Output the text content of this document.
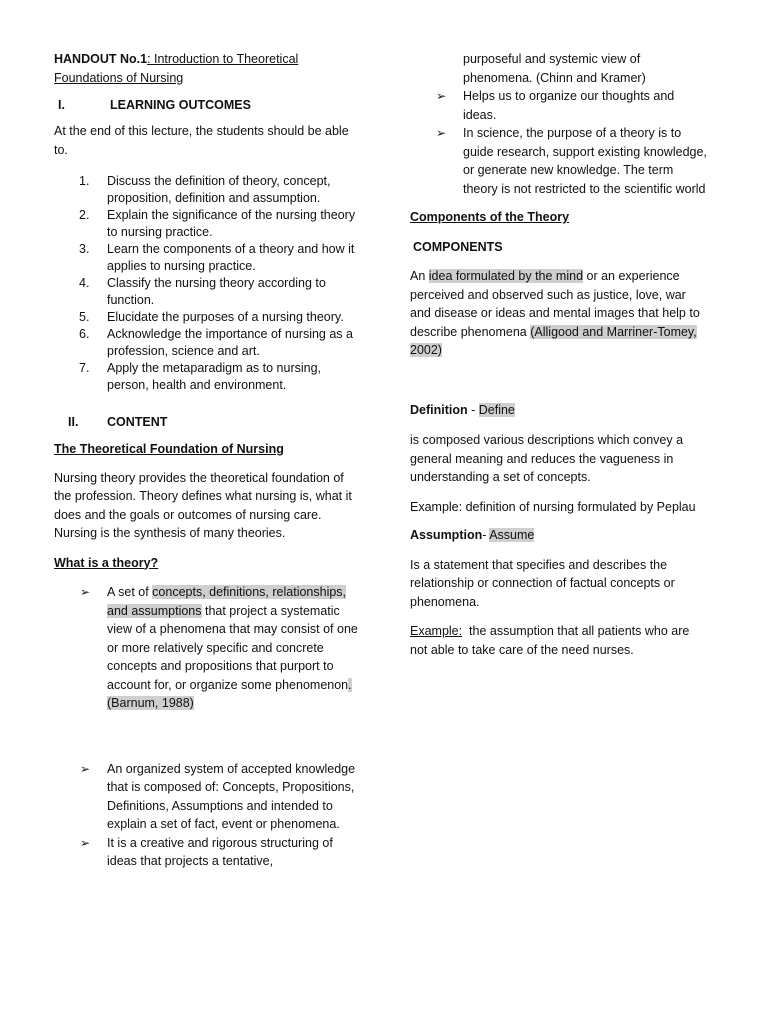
HANDOUT No.1: Introduction to Theoretical Foundations of Nursing

I.	LEARNING OUTCOMES

At the end of this lecture, the students should be able to.

1.	Discuss the definition of theory, concept, proposition, definition and assumption.
2.	Explain the significance of the nursing theory to nursing practice.
3.	Learn the components of a theory and how it applies to nursing practice.
4.	Classify the nursing theory according to function.
5.	Elucidate the purposes of a nursing theory.
6.	Acknowledge the importance of nursing as a profession, science and art.
7.	Apply the metaparadigm as to nursing, person, health and environment.
II.	CONTENT

The Theoretical Foundation of Nursing

Nursing theory provides the theoretical foundation of the profession. Theory defines what nursing is, what it does and the goals or outcomes of nursing care. Nursing is the synthesis of many theories.

What is a theory?

➢	A set of concepts, definitions, relationships, and assumptions that project a systematic view of a phenomena that may consist of one or more relatively specific and concrete concepts and propositions that purport to account for, or organize some phenomenon. (Barnum, 1988)
➢	An organized system of accepted knowledge that is composed of: Concepts, Propositions, Definitions, Assumptions and intended to explain a set of fact, event or phenomena.
➢	It is a creative and rigorous structuring of ideas that projects a tentative,

purposeful and systemic view of phenomena. (Chinn and Kramer)

➢	Helps us to organize our thoughts and ideas.
➢	In science, the purpose of a theory is to guide research, support existing knowledge, or generate new knowledge. The term theory is not restricted to the scientific world

Components of the Theory

COMPONENTS

An idea formulated by the mind or an experience perceived and observed such as justice, love, war and disease or ideas and mental images that help to describe phenomena (Alligood and Marriner-Tomey, 2002)

Definition - Define

is composed various descriptions which convey a general meaning and reduces the vagueness in understanding a set of concepts.

Example: definition of nursing formulated by Peplau

Assumption- Assume

Is a statement that specifies and describes the relationship or connection of factual concepts or phenomena.

Example:  the assumption that all patients who are not able to take care of the need nurses.
